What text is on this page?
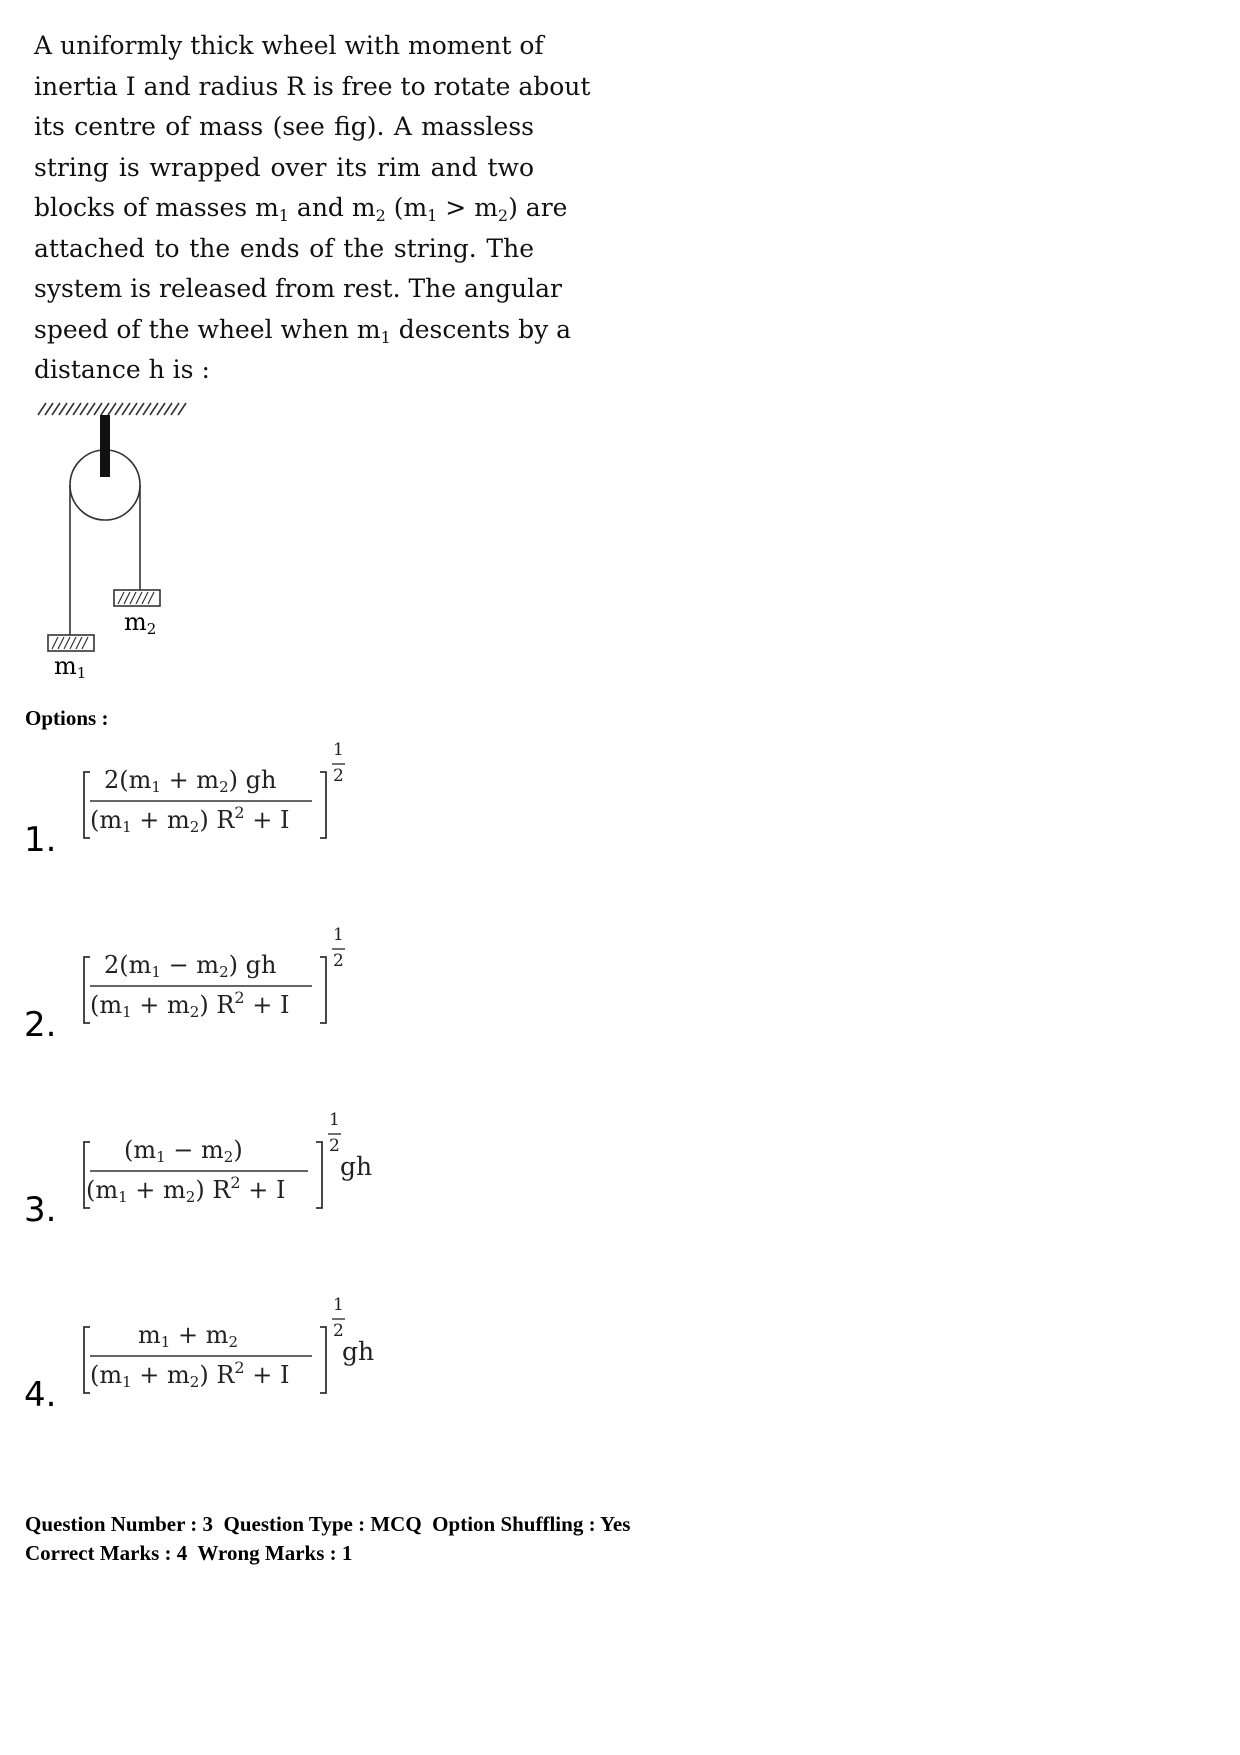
A uniformly thick wheel with moment of
inertia I and radius R is free to rotate about
its centre of mass (see fig). A massless
string is wrapped over its rim and two
blocks of masses $m_1$ and $m_2$ $(m_1 > m_2)$ are
attached to the ends of the string. The
system is released from rest. The angular
speed of the wheel when $m_1$ descents by a
distance h is :
$m_2$
$m_1$
Options :
1.
$2(m_1 + m_2)$ gh
$(m_1 + m_2) R^2 + I$
1
2
2.
$2(m_1 - m_2)$ gh
$(m_1 + m_2) R^2 + I$
1
2
3.
$(m_1 - m_2)$
$(m_1 + m_2) R^2 + I$
1
2
gh
4.
$m_1 + m_2$
$(m_1 + m_2) R^2 + I$
1
2
gh
Question Number : 3  Question Type : MCQ  Option Shuffling : Yes
Correct Marks : 4  Wrong Marks : 1
